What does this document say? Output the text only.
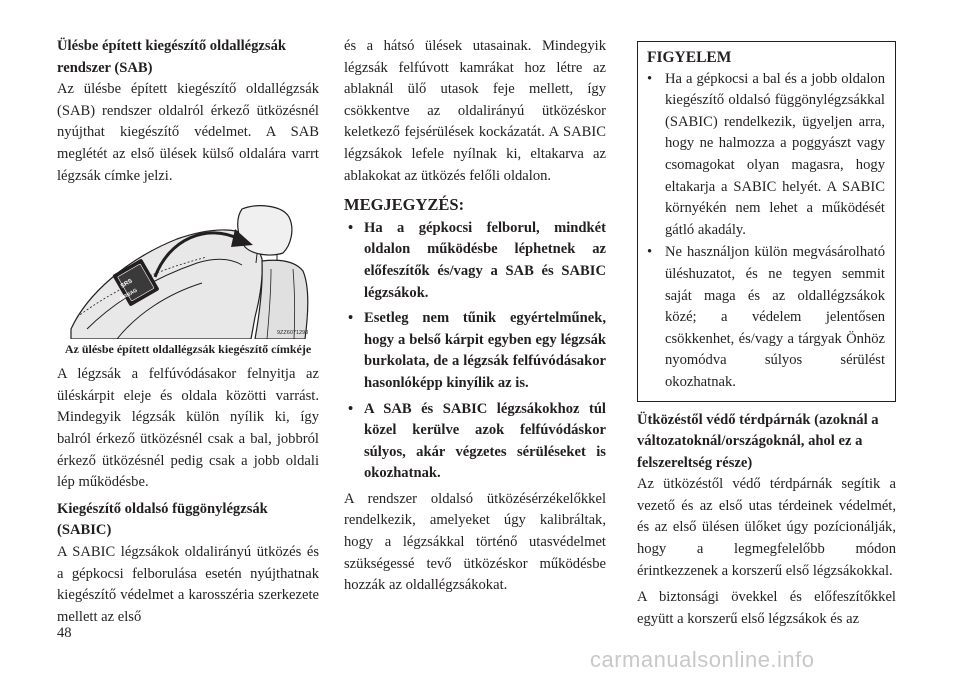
Ülésbe épített kiegészítő oldallégzsák rendszer (SAB)

Az ülésbe épített kiegészítő oldallégzsák (SAB) rendszer oldalról érkező ütközésnél nyújthat kiegészítő védelmet. A SAB meglétét az első ülések külső oldalára varrt légzsák címke jelzi.

SRS
AIRBAG
9ZZ6071298

Az ülésbe épített oldallégzsák kiegészítő címkéje

A légzsák a felfúvódásakor felnyitja az üléskárpit eleje és oldala közötti varrást. Mindegyik légzsák külön nyílik ki, így balról érkező ütközésnél csak a bal, jobbról érkező ütközésnél pedig csak a jobb oldali lép működésbe.

Kiegészítő oldalsó függönylégzsák (SABIC)

A SABIC légzsákok oldalirányú ütközés és a gépkocsi felborulása esetén nyújthatnak kiegészítő védelmet a karosszéria szerkezete mellett az első

és a hátsó ülések utasainak. Mindegyik légzsák felfúvott kamrákat hoz létre az ablaknál ülő utasok feje mellett, így csökkentve az oldalirányú ütközéskor keletkező fejsérülések kockázatát. A SABIC légzsákok lefele nyílnak ki, eltakarva az ablakokat az ütközés felőli oldalon.

MEGJEGYZÉS:

• Ha a gépkocsi felborul, mindkét oldalon működésbe léphetnek az előfeszítők és/vagy a SAB és SABIC légzsákok.
• Esetleg nem tűnik egyértelműnek, hogy a belső kárpit egyben egy légzsák burkolata, de a légzsák felfúvódásakor hasonlóképp kinyílik az is.
• A SAB és SABIC légzsákokhoz túl közel kerülve azok felfúvódáskor súlyos, akár végzetes sérüléseket is okozhatnak.

A rendszer oldalsó ütközésérzékelőkkel rendelkezik, amelyeket úgy kalibráltak, hogy a légzsákkal történő utasvédelmet szükségessé tevő ütközéskor működésbe hozzák az oldallégzsákokat.

FIGYELEM

• Ha a gépkocsi a bal és a jobb oldalon kiegészítő oldalsó függönylégzsákkal (SABIC) rendelkezik, ügyeljen arra, hogy ne halmozza a poggyászt vagy csomagokat olyan magasra, hogy eltakarja a SABIC helyét. A SABIC környékén nem lehet a működését gátló akadály.
• Ne használjon külön megvásárolható üléshuzatot, és ne tegyen semmit saját maga és az oldallégzsákok közé; a védelem jelentősen csökkenhet, és/vagy a tárgyak Önhöz nyomódva súlyos sérülést okozhatnak.

Ütközéstől védő térdpárnák (azoknál a változatoknál/országoknál, ahol ez a felszereltség része)

Az ütközéstől védő térdpárnák segítik a vezető és az első utas térdeinek védelmét, és az első ülésen ülőket úgy pozícionálják, hogy a legmegfelelőbb módon érintkezzenek a korszerű első légzsákokkal.

A biztonsági övekkel és előfeszítőkkel együtt a korszerű első légzsákok és az

48
carmanualsonline.info
